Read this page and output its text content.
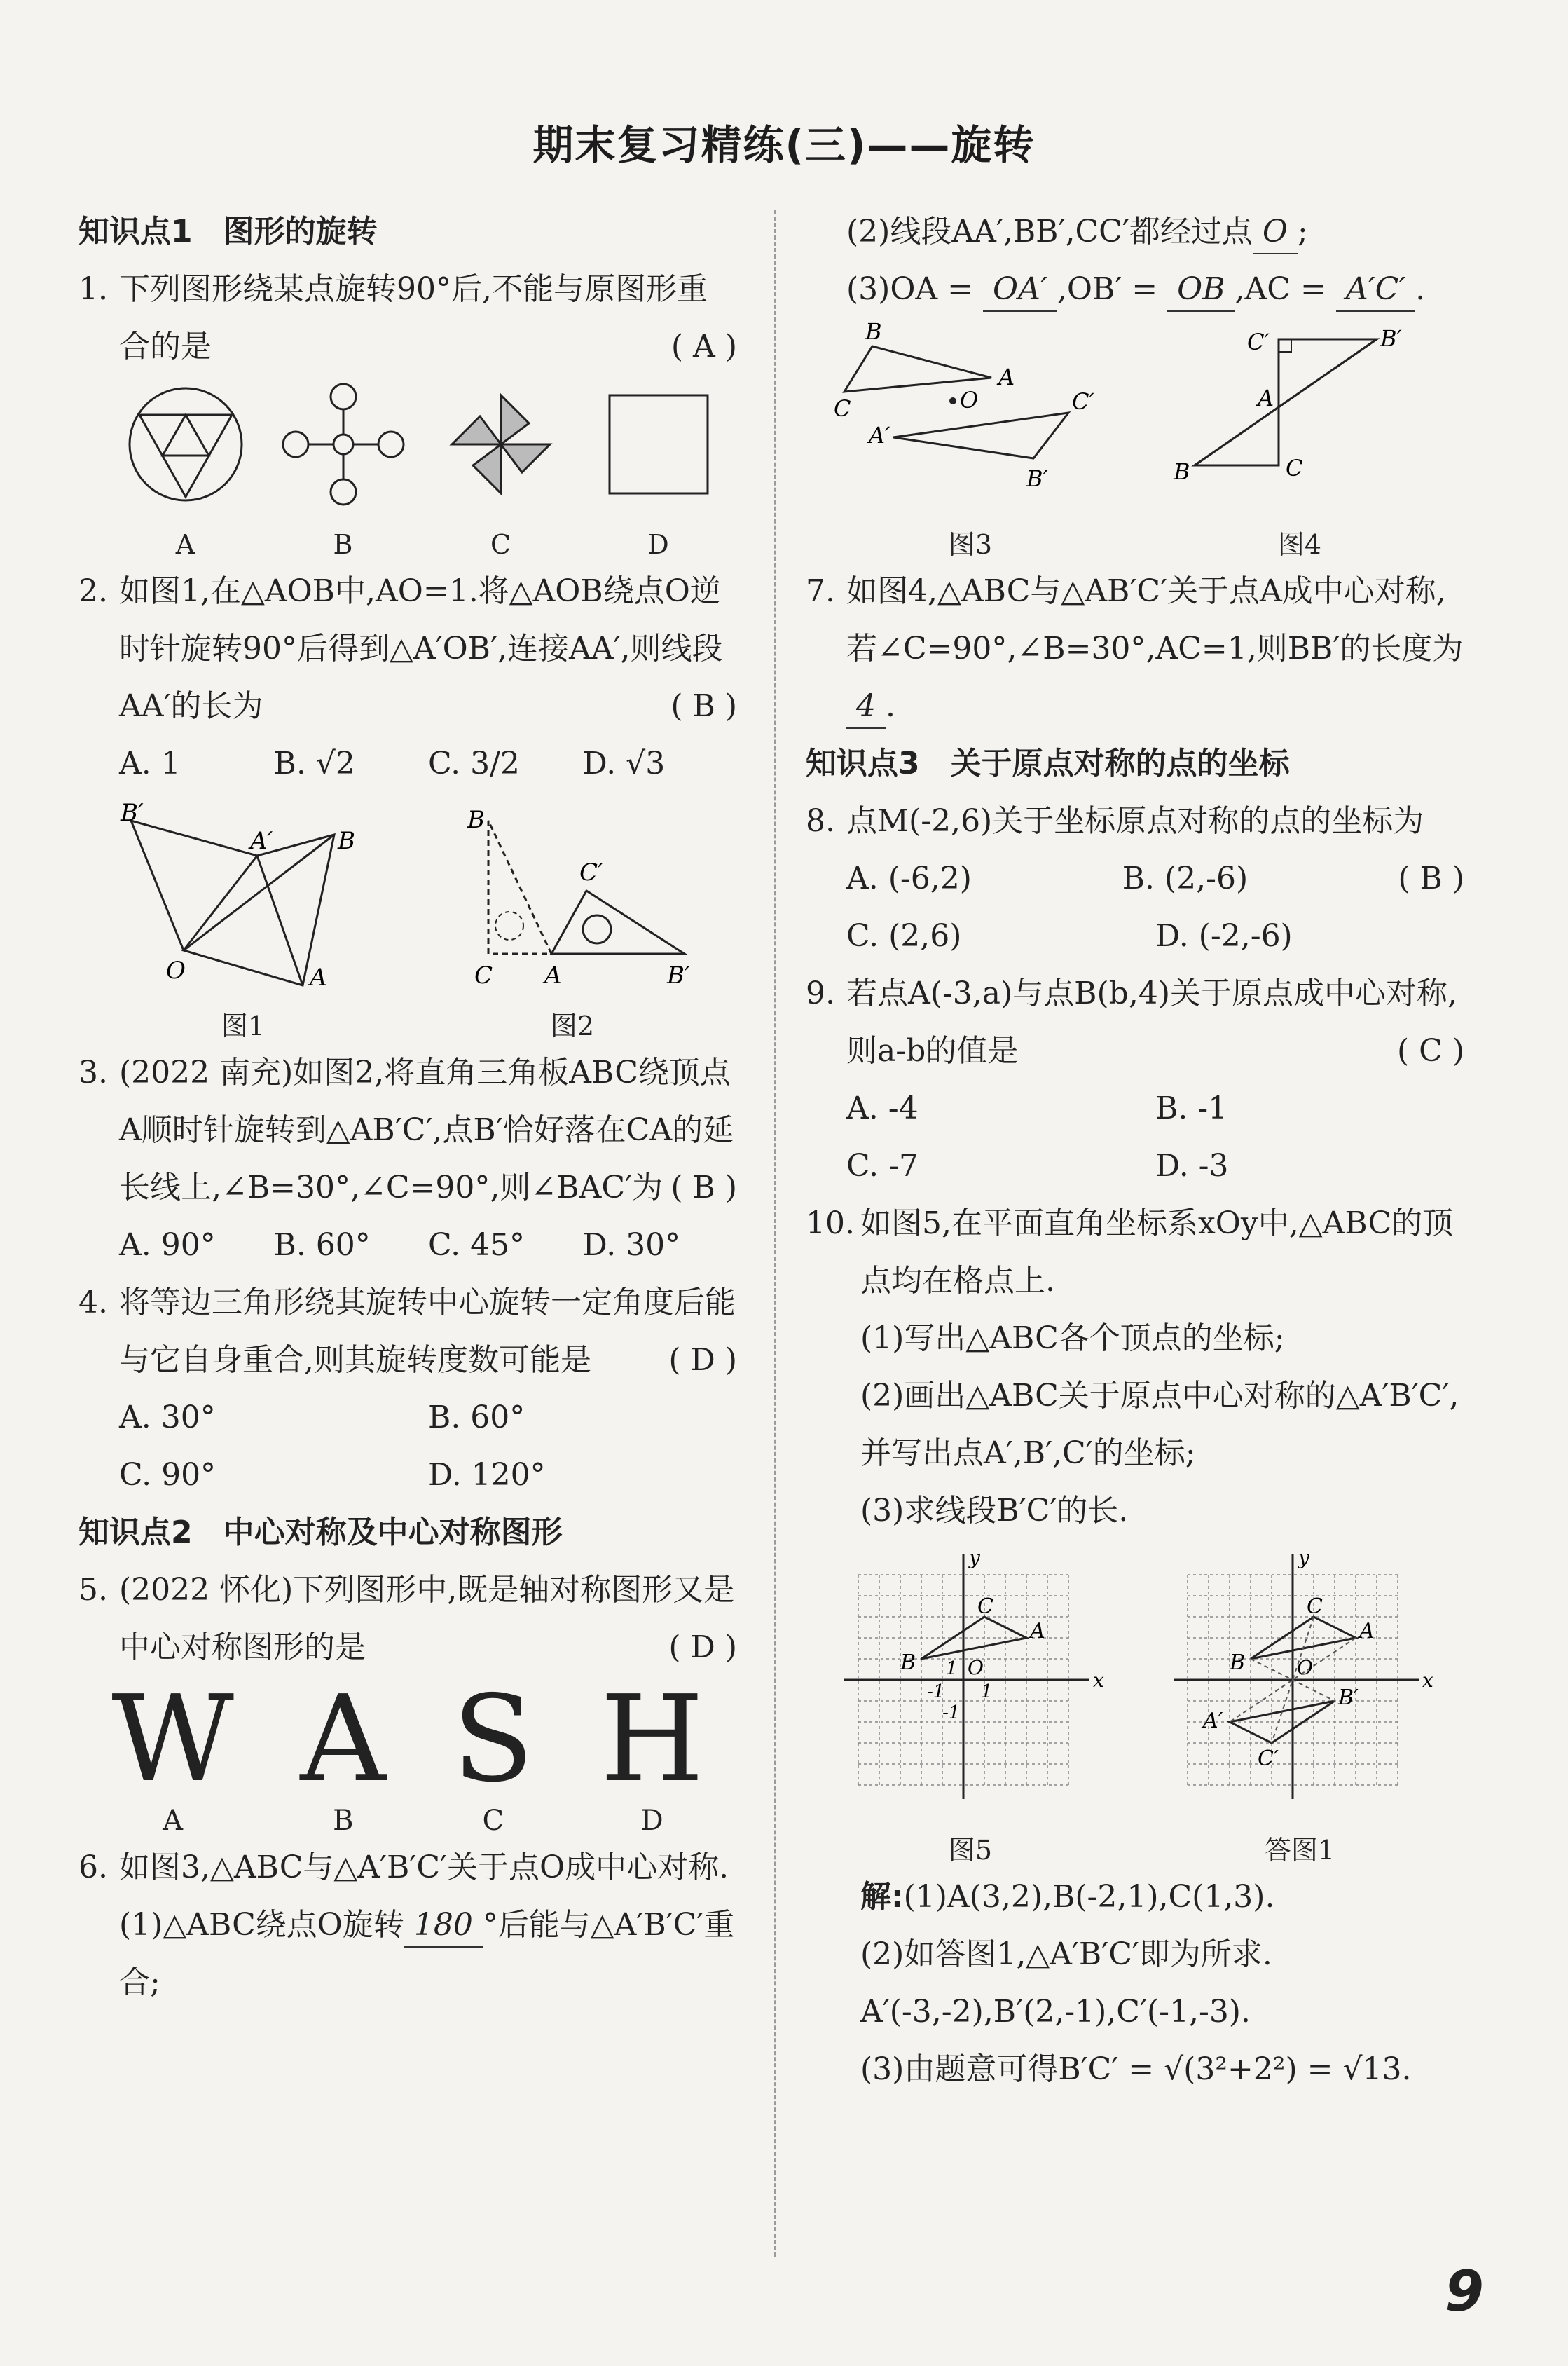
期末复习精练(三)——旋转
知识点1　图形的旋转
1. 下列图形绕某点旋转90°后,不能与原图形重合的是	( A )
A	B	C	D
2. 如图1,在△AOB中,AO=1.将△AOB绕点O逆时针旋转90°后得到△A′OB′,连接AA′,则线段AA′的长为	( B )
A. 1	B. √2	C. 3/2	D. √3
B′
A′	B
O	A
图1
B
C′
C A	B′
图2
3. (2022 南充)如图2,将直角三角板ABC绕顶点A顺时针旋转到△AB′C′,点B′恰好落在CA的延长线上,∠B=30°,∠C=90°,则∠BAC′为 ( B )
A. 90°	B. 60°	C. 45°	D. 30°
4. 将等边三角形绕其旋转中心旋转一定角度后能与它自身重合,则其旋转度数可能是	( D )
A. 30°	B. 60°
C. 90°	D. 120°
知识点2　中心对称及中心对称图形
5. (2022 怀化)下列图形中,既是轴对称图形又是中心对称图形的是	( D )
W
A
A
B
S
C
H
D
6. 如图3,△ABC与△A′B′C′关于点O成中心对称.
(1)△ABC绕点O旋转 180 °后能与△A′B′C′重合;
(2)线段AA′,BB′,CC′都经过点 O ;
(3)OA = OA′ ,OB′ = OB ,AC = A′C′ .
B
A
C	O
A′
C′
B′
图3
C′	B′
A
B	C
图4
7. 如图4,△ABC与△AB′C′关于点A成中心对称,若∠C=90°,∠B=30°,AC=1,则BB′的长度为4 .
知识点3　关于原点对称的点的坐标
8. 点M(-2,6)关于坐标原点对称的点的坐标为
( B )
A. (-6,2)	B. (2,-6)
C. (2,6)	D. (-2,-6)
9. 若点A(-3,a)与点B(b,4)关于原点成中心对称,则a-b的值是	( C )
A. -4	B. -1
C. -7	D. -3
10. 如图5,在平面直角坐标系xOy中,△ABC的顶点均在格点上.
(1)写出△ABC各个顶点的坐标;
(2)画出△ABC关于原点中心对称的△A′B′C′,并写出点A′,B′,C′的坐标;
(3)求线段B′C′的长.
x
y
A
B
C
O
1
1
-1
-1
图5
x
y
A
B
C
O
B′
A′
C′
答图1
解:(1)A(3,2),B(-2,1),C(1,3).
(2)如答图1,△A′B′C′即为所求.
A′(-3,-2),B′(2,-1),C′(-1,-3).
(3)由题意可得B′C′ = √(3²+2²) = √13.
9
